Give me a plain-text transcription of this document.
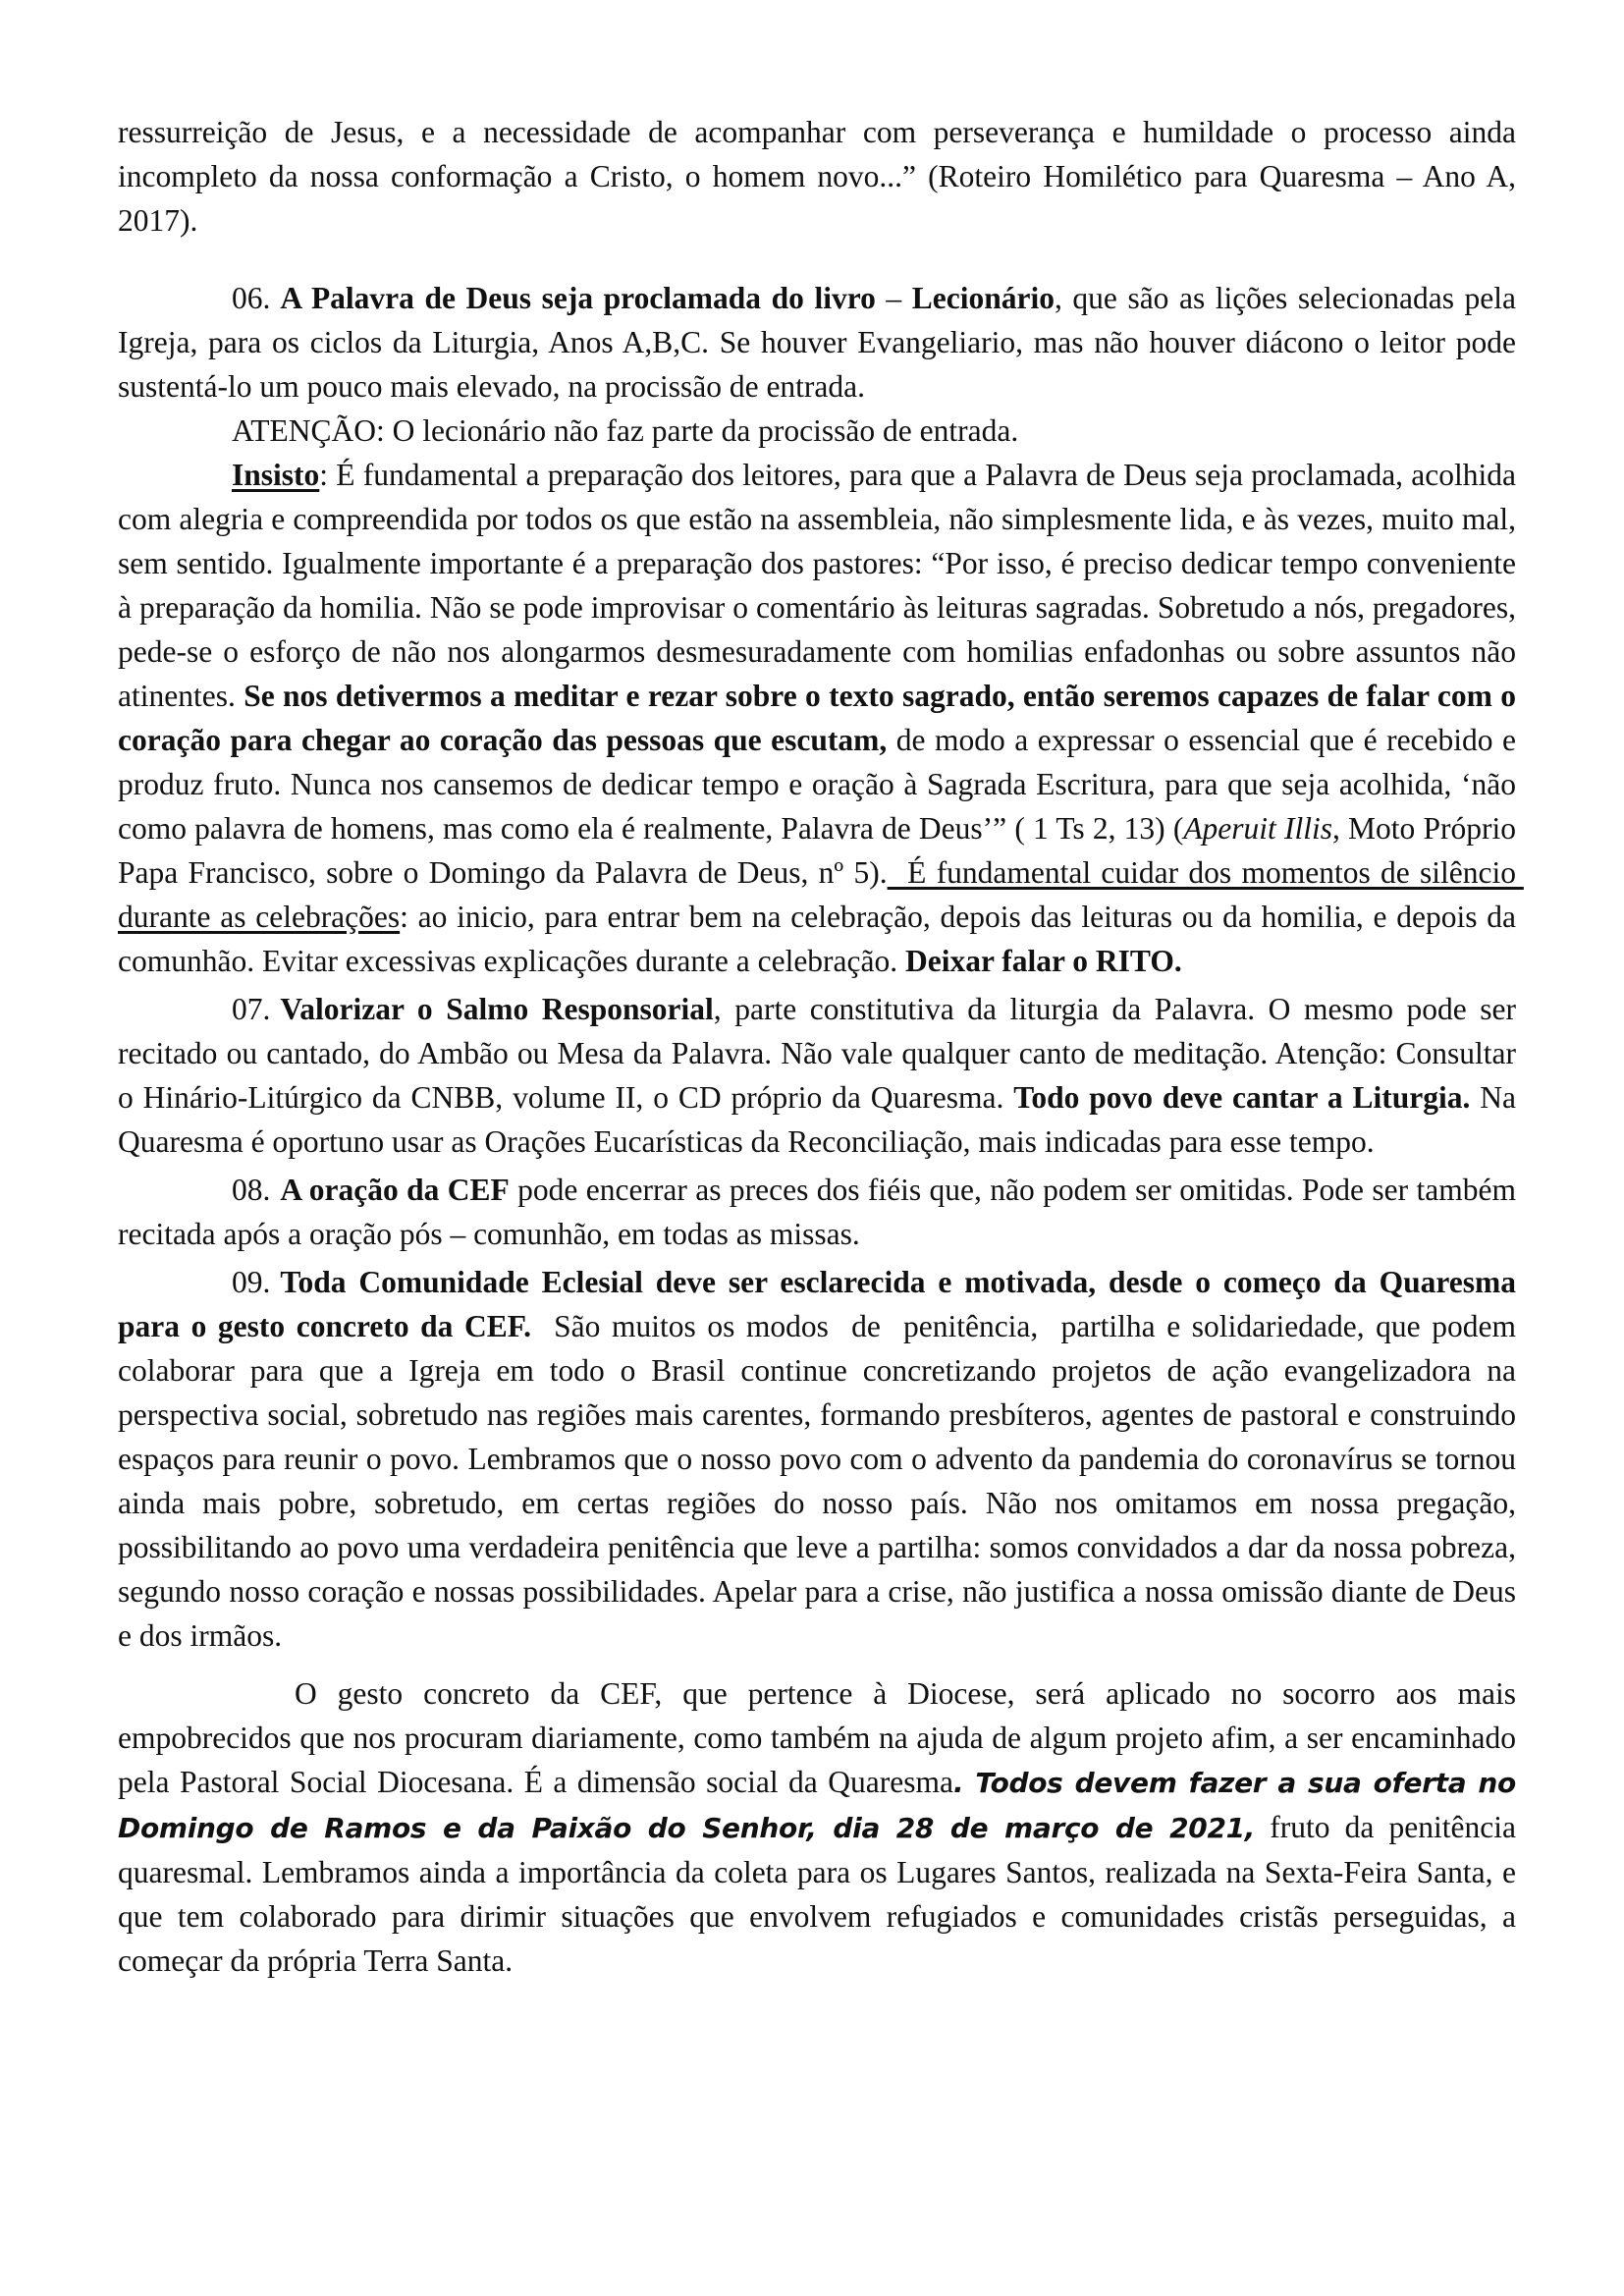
ressurreição de Jesus, e a necessidade de acompanhar com perseverança e humildade o processo ainda incompleto da nossa conformação a Cristo, o homem novo...” (Roteiro Homilético para Quaresma – Ano A, 2017).

06. A Palavra de Deus seja proclamada do livro – Lecionário, que são as lições selecionadas pela Igreja, para os ciclos da Liturgia, Anos A,B,C. Se houver Evangeliario, mas não houver diácono o leitor pode sustentá-lo um pouco mais elevado, na procissão de entrada.

ATENÇÃO: O lecionário não faz parte da procissão de entrada.

Insisto: É fundamental a preparação dos leitores, para que a Palavra de Deus seja proclamada, acolhida com alegria e compreendida por todos os que estão na assembleia, não simplesmente lida, e às vezes, muito mal, sem sentido. Igualmente importante é a preparação dos pastores: “Por isso, é preciso dedicar tempo conveniente à preparação da homilia. Não se pode improvisar o comentário às leituras sagradas. Sobretudo a nós, pregadores, pede-se o esforço de não nos alongarmos desmesuradamente com homilias enfadonhas ou sobre assuntos não atinentes. Se nos detivermos a meditar e rezar sobre o texto sagrado, então seremos capazes de falar com o coração para chegar ao coração das pessoas que escutam, de modo a expressar o essencial que é recebido e produz fruto. Nunca nos cansemos de dedicar tempo e oração à Sagrada Escritura, para que seja acolhida, ‘não como palavra de homens, mas como ela é realmente, Palavra de Deus’” ( 1 Ts 2, 13) (Aperuit Illis, Moto Próprio Papa Francisco, sobre o Domingo da Palavra de Deus, nº 5).  É fundamental cuidar dos momentos de silêncio durante as celebrações: ao inicio, para entrar bem na celebração, depois das leituras ou da homilia, e depois da comunhão. Evitar excessivas explicações durante a celebração. Deixar falar o RITO.

07. Valorizar o Salmo Responsorial, parte constitutiva da liturgia da Palavra. O mesmo pode ser recitado ou cantado, do Ambão ou Mesa da Palavra. Não vale qualquer canto de meditação. Atenção: Consultar o Hinário-Litúrgico da CNBB, volume II, o CD próprio da Quaresma. Todo povo deve cantar a Liturgia. Na Quaresma é oportuno usar as Orações Eucarísticas da Reconciliação, mais indicadas para esse tempo.

08. A oração da CEF pode encerrar as preces dos fiéis que, não podem ser omitidas. Pode ser também recitada após a oração pós – comunhão, em todas as missas.

09. Toda Comunidade Eclesial deve ser esclarecida e motivada, desde o começo da Quaresma para o gesto concreto da CEF.  São muitos os modos  de  penitência,  partilha e solidariedade, que podem colaborar para que a Igreja em todo o Brasil continue concretizando projetos de ação evangelizadora na perspectiva social, sobretudo nas regiões mais carentes, formando presbíteros, agentes de pastoral e construindo espaços para reunir o povo. Lembramos que o nosso povo com o advento da pandemia do coronavírus se tornou ainda mais pobre, sobretudo, em certas regiões do nosso país. Não nos omitamos em nossa pregação, possibilitando ao povo uma verdadeira penitência que leve a partilha: somos convidados a dar da nossa pobreza, segundo nosso coração e nossas possibilidades. Apelar para a crise, não justifica a nossa omissão diante de Deus e dos irmãos.

O gesto concreto da CEF, que pertence à Diocese, será aplicado no socorro aos mais empobrecidos que nos procuram diariamente, como também na ajuda de algum projeto afim, a ser encaminhado pela Pastoral Social Diocesana. É a dimensão social da Quaresma. Todos devem fazer a sua oferta no Domingo de Ramos e da Paixão do Senhor, dia 28 de março de 2021, fruto da penitência quaresmal. Lembramos ainda a importância da coleta para os Lugares Santos, realizada na Sexta-Feira Santa, e que tem colaborado para dirimir situações que envolvem refugiados e comunidades cristãs perseguidas, a começar da própria Terra Santa.
